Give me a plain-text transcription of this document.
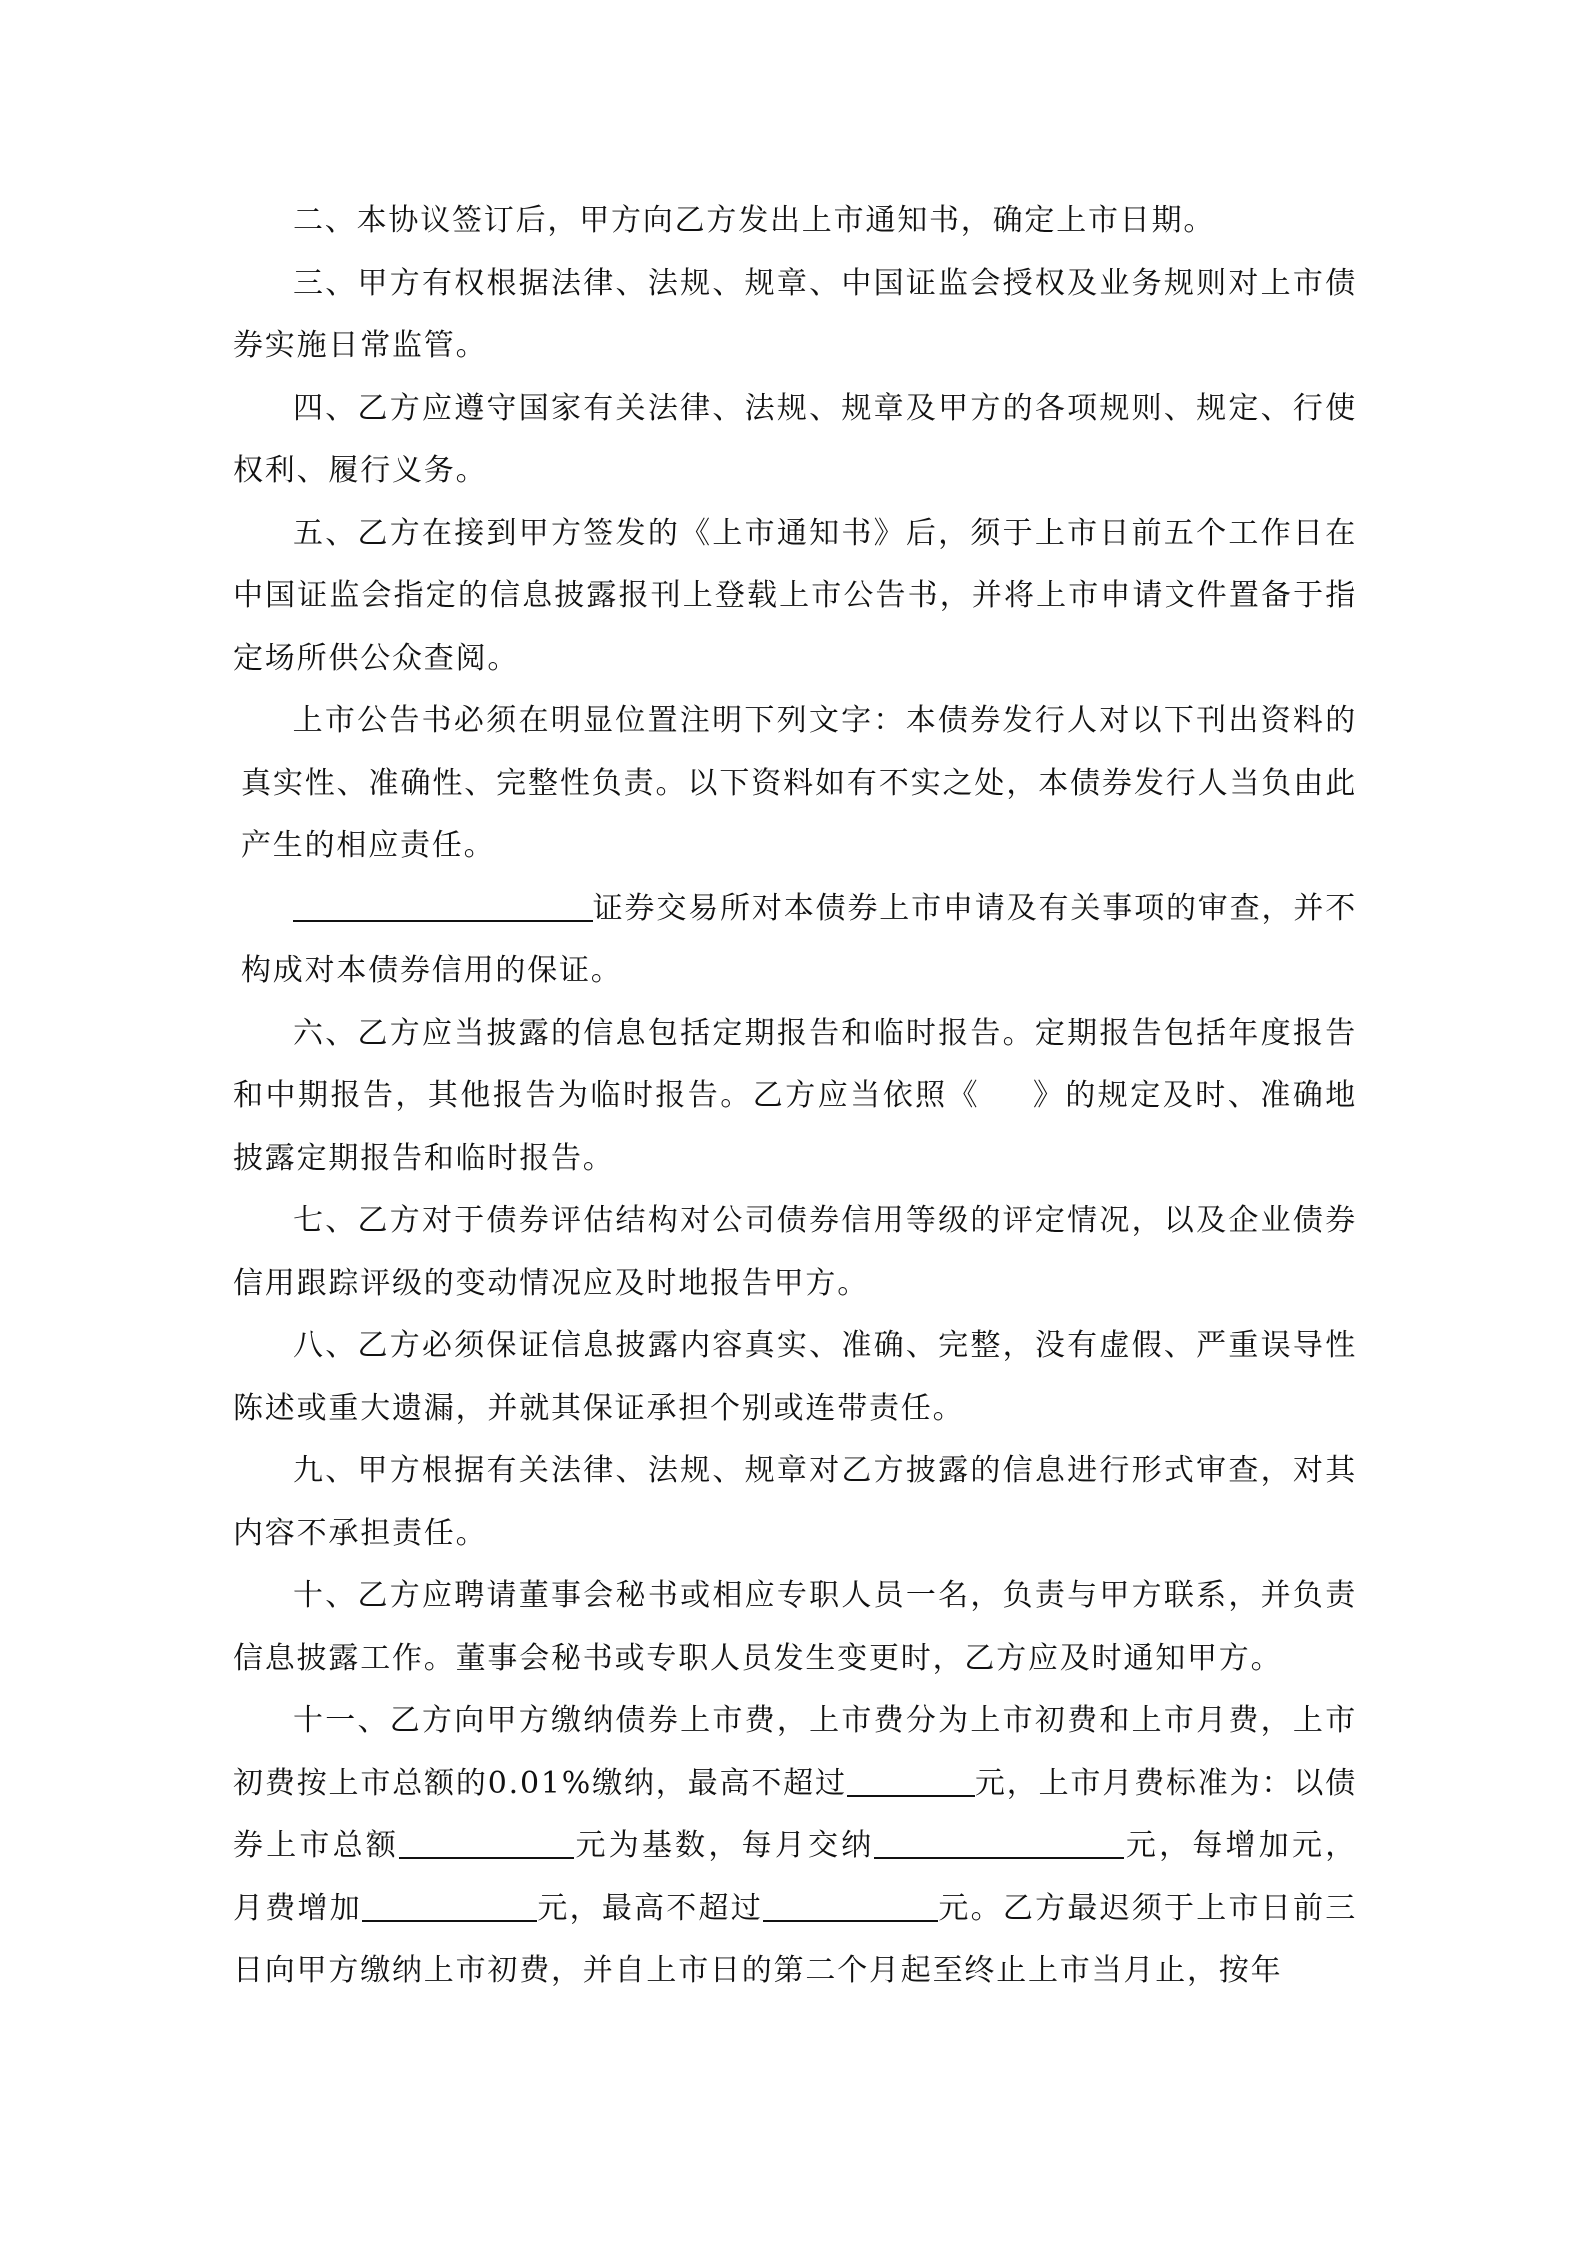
二、本协议签订后，甲方向乙方发出上市通知书，确定上市日期。

三、甲方有权根据法律、法规、规章、中国证监会授权及业务规则对上市债券实施日常监管。

四、乙方应遵守国家有关法律、法规、规章及甲方的各项规则、规定、行使权利、履行义务。

五、乙方在接到甲方签发的《上市通知书》后，须于上市日前五个工作日在中国证监会指定的信息披露报刊上登载上市公告书，并将上市申请文件置备于指定场所供公众查阅。

上市公告书必须在明显位置注明下列文字：本债券发行人对以下刊出资料的真实性、准确性、完整性负责。以下资料如有不实之处，本债券发行人当负由此产生的相应责任。

证券交易所对本债券上市申请及有关事项的审查，并不构成对本债券信用的保证。

六、乙方应当披露的信息包括定期报告和临时报告。定期报告包括年度报告和中期报告，其他报告为临时报告。乙方应当依照《 》的规定及时、准确地披露定期报告和临时报告。

七、乙方对于债券评估结构对公司债券信用等级的评定情况，以及企业债券信用跟踪评级的变动情况应及时地报告甲方。

八、乙方必须保证信息披露内容真实、准确、完整，没有虚假、严重误导性陈述或重大遗漏，并就其保证承担个别或连带责任。

九、甲方根据有关法律、法规、规章对乙方披露的信息进行形式审查，对其内容不承担责任。

十、乙方应聘请董事会秘书或相应专职人员一名，负责与甲方联系，并负责信息披露工作。董事会秘书或专职人员发生变更时，乙方应及时通知甲方。

十一、乙方向甲方缴纳债券上市费，上市费分为上市初费和上市月费，上市初费按上市总额的0.01%缴纳，最高不超过	元，上市月费标准为：以债券上市总额	元为基数，每月交纳	元，每增加元，月费增加	元，最高不超过	元。乙方最迟须于上市日前三日向甲方缴纳上市初费，并自上市日的第二个月起至终止上市当月止，按年
